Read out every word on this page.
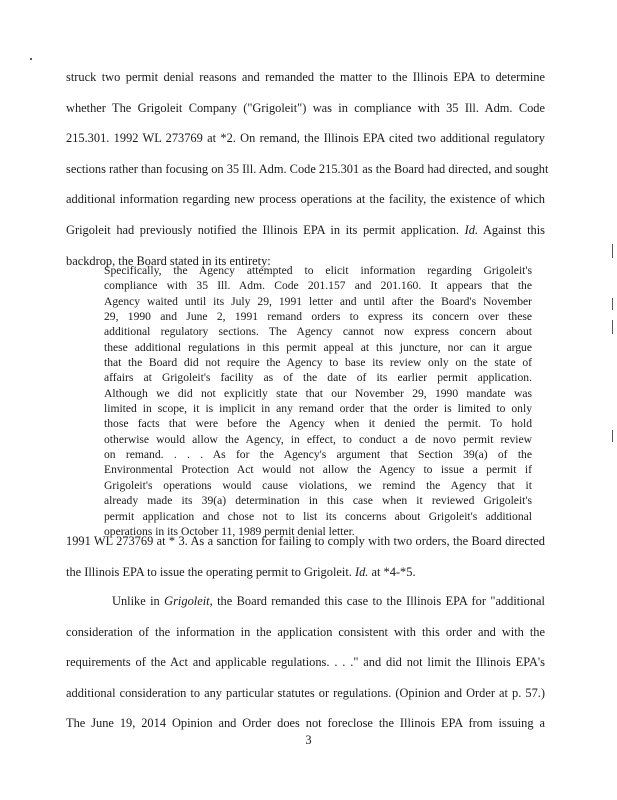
struck two permit denial reasons and remanded the matter to the Illinois EPA to determine
whether The Grigoleit Company ("Grigoleit") was in compliance with 35 Ill. Adm. Code
215.301. 1992 WL 273769 at *2. On remand, the Illinois EPA cited two additional regulatory
sections rather than focusing on 35 Ill. Adm. Code 215.301 as the Board had directed, and sought
additional information regarding new process operations at the facility, the existence of which
Grigoleit had previously notified the Illinois EPA in its permit application. Id. Against this
backdrop, the Board stated in its entirety:
Specifically, the Agency attempted to elicit information regarding Grigoleit's
compliance with 35 Ill. Adm. Code 201.157 and 201.160. It appears that the
Agency waited until its July 29, 1991 letter and until after the Board's November
29, 1990 and June 2, 1991 remand orders to express its concern over these
additional regulatory sections. The Agency cannot now express concern about
these additional regulations in this permit appeal at this juncture, nor can it argue
that the Board did not require the Agency to base its review only on the state of
affairs at Grigoleit's facility as of the date of its earlier permit application.
Although we did not explicitly state that our November 29, 1990 mandate was
limited in scope, it is implicit in any remand order that the order is limited to only
those facts that were before the Agency when it denied the permit. To hold
otherwise would allow the Agency, in effect, to conduct a de novo permit review
on remand. . . . As for the Agency's argument that Section 39(a) of the
Environmental Protection Act would not allow the Agency to issue a permit if
Grigoleit's operations would cause violations, we remind the Agency that it
already made its 39(a) determination in this case when it reviewed Grigoleit's
permit application and chose not to list its concerns about Grigoleit's additional
operations in its October 11, 1989 permit denial letter.
1991 WL 273769 at * 3. As a sanction for failing to comply with two orders, the Board directed
the Illinois EPA to issue the operating permit to Grigoleit. Id. at *4-*5.
Unlike in Grigoleit, the Board remanded this case to the Illinois EPA for "additional
consideration of the information in the application consistent with this order and with the
requirements of the Act and applicable regulations. . . ." and did not limit the Illinois EPA's
additional consideration to any particular statutes or regulations. (Opinion and Order at p. 57.)
The June 19, 2014 Opinion and Order does not foreclose the Illinois EPA from issuing a
3
